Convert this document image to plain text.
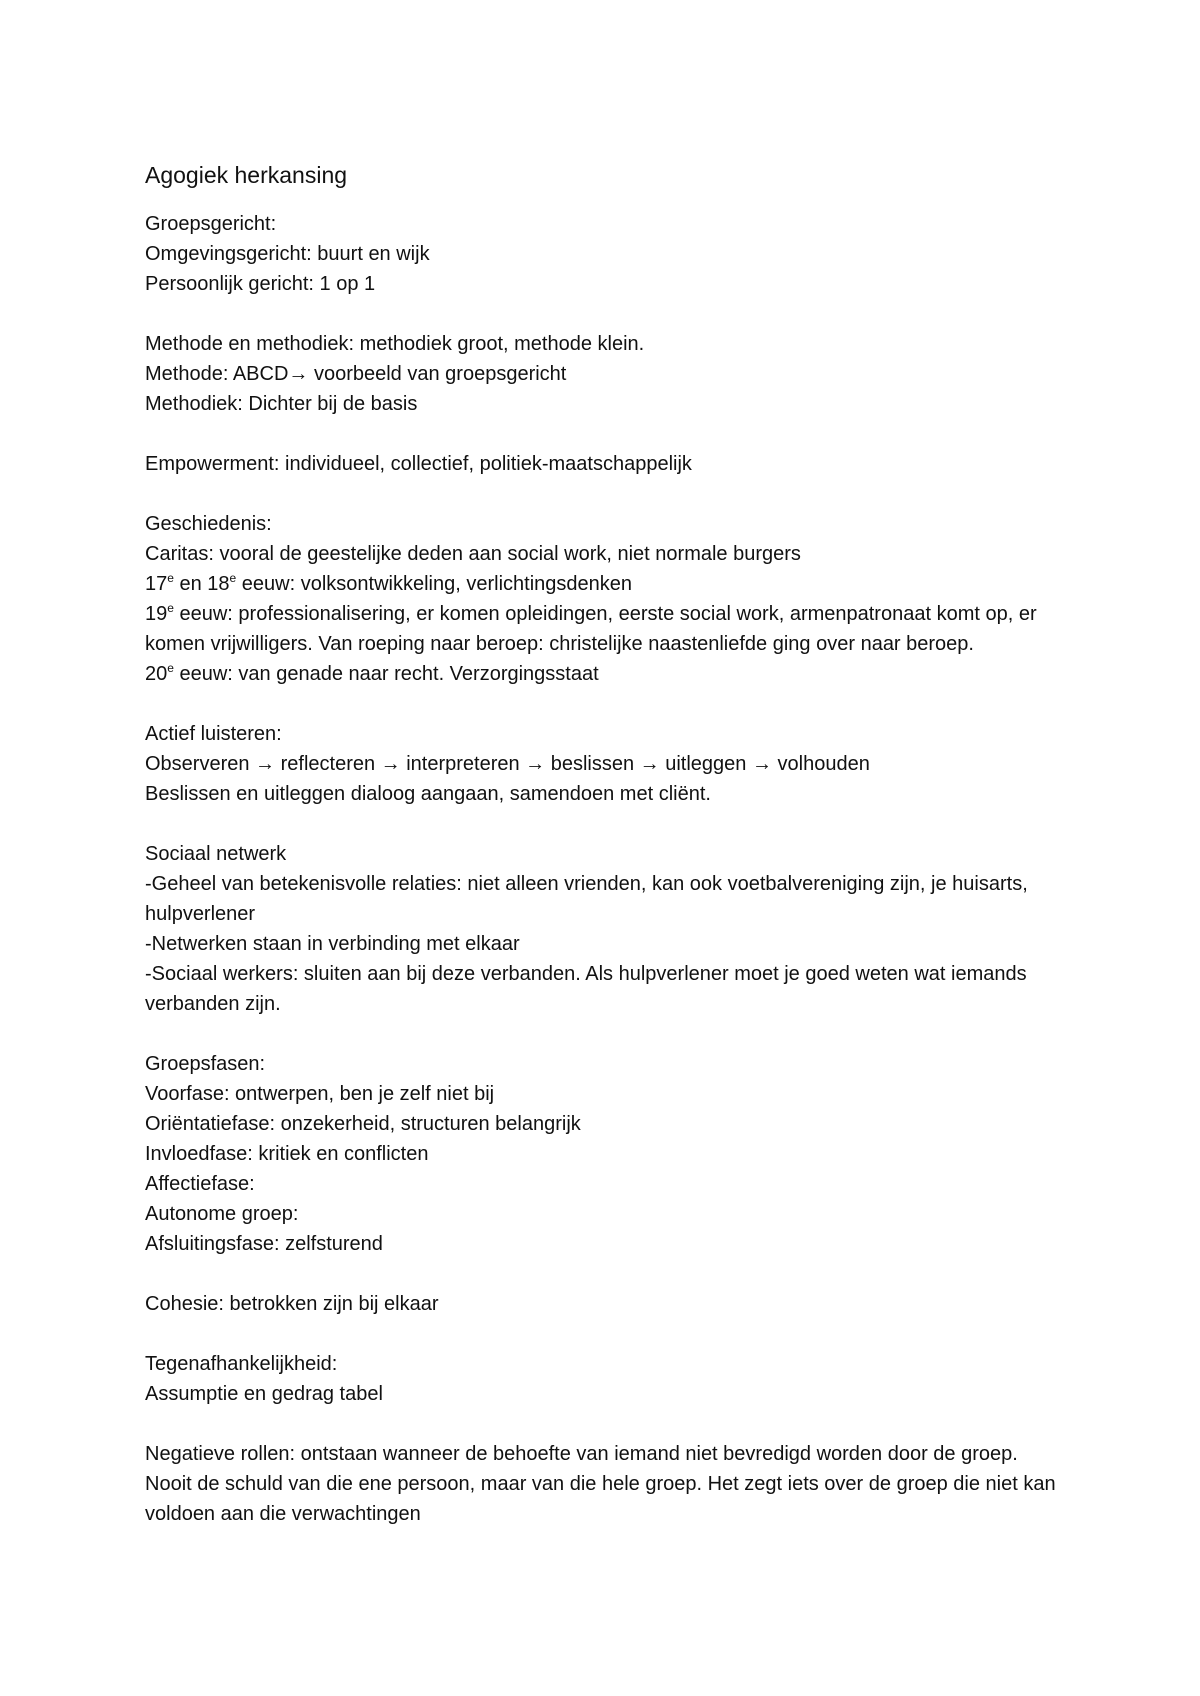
Agogiek herkansing

Groepsgericht:

Omgevingsgericht: buurt en wijk

Persoonlijk gericht: 1 op 1

Methode en methodiek: methodiek groot, methode klein.

Methode: ABCD→ voorbeeld van groepsgericht

Methodiek: Dichter bij de basis

Empowerment: individueel, collectief, politiek-maatschappelijk

Geschiedenis:

Caritas: vooral de geestelijke deden aan social work, niet normale burgers

17e en 18e eeuw: volksontwikkeling, verlichtingsdenken

19e eeuw: professionalisering, er komen opleidingen, eerste social work, armenpatronaat komt op, er komen vrijwilligers. Van roeping naar beroep: christelijke naastenliefde ging over naar beroep.

20e eeuw: van genade naar recht. Verzorgingsstaat

Actief luisteren:

Observeren → reflecteren → interpreteren → beslissen → uitleggen → volhouden

Beslissen en uitleggen dialoog aangaan, samendoen met cliënt.

Sociaal netwerk

-Geheel van betekenisvolle relaties: niet alleen vrienden, kan ook voetbalvereniging zijn, je huisarts, hulpverlener

-Netwerken staan in verbinding met elkaar

-Sociaal werkers: sluiten aan bij deze verbanden. Als hulpverlener moet je goed weten wat iemands verbanden zijn.

Groepsfasen:

Voorfase: ontwerpen, ben je zelf niet bij

Oriëntatiefase: onzekerheid, structuren belangrijk

Invloedfase: kritiek en conflicten

Affectiefase:

Autonome groep:

Afsluitingsfase: zelfsturend

Cohesie: betrokken zijn bij elkaar

Tegenafhankelijkheid:

Assumptie en gedrag tabel

Negatieve rollen: ontstaan wanneer de behoefte van iemand niet bevredigd worden door de groep. Nooit de schuld van die ene persoon, maar van die hele groep. Het zegt iets over de groep die niet kan voldoen aan die verwachtingen
